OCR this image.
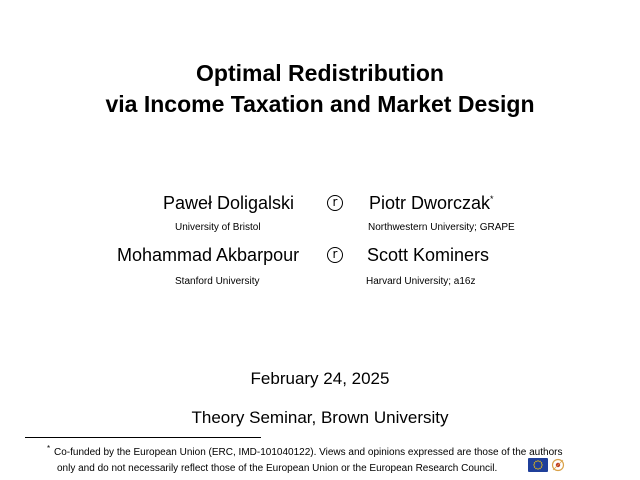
Optimal Redistribution
via Income Taxation and Market Design
Paweł Doligalski	r	Piotr Dworczak*
University of Bristol	Northwestern University; GRAPE
Mohammad Akbarpour	r	Scott Kominers
Stanford University	Harvard University; a16z
February 24, 2025
Theory Seminar, Brown University
* Co-funded by the European Union (ERC, IMD-101040122). Views and opinions expressed are those of the authors
only and do not necessarily reflect those of the European Union or the European Research Council.
